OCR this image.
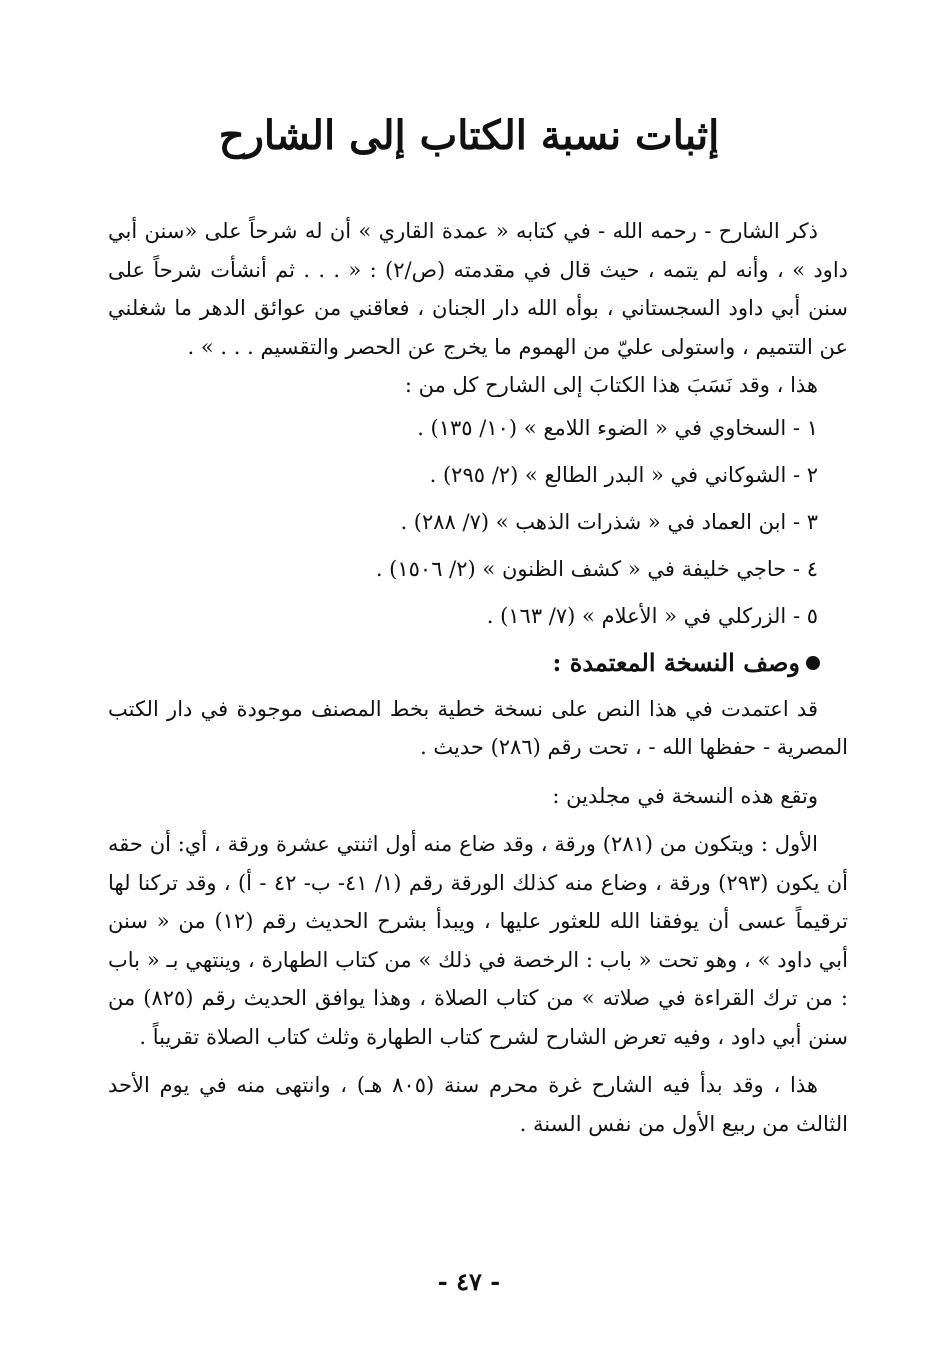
إثبات نسبة الكتاب إلى الشارح

ذكر الشارح - رحمه الله - في كتابه « عمدة القاري » أن له شرحاً على «سنن أبي داود » ، وأنه لم يتمه ، حيث قال في مقدمته (ص/٢) : « . . . ثم أنشأت شرحاً على سنن أبي داود السجستاني ، بوأه الله دار الجنان ، فعاقني من عوائق الدهر ما شغلني عن التتميم ، واستولى عليّ من الهموم ما يخرج عن الحصر والتقسيم . . . » .

هذا ، وقد نَسَبَ هذا الكتابَ إلى الشارح كل من :

١ - السخاوي في « الضوء اللامع » (١٠/ ١٣٥) .

٢ - الشوكاني في « البدر الطالع » (٢/ ٢٩٥) .

٣ - ابن العماد في « شذرات الذهب » (٧/ ٢٨٨) .

٤ - حاجي خليفة في « كشف الظنون » (٢/ ١٥٠٦) .

٥ - الزركلي في « الأعلام » (٧/ ١٦٣) .

وصف النسخة المعتمدة :

قد اعتمدت في هذا النص على نسخة خطية بخط المصنف موجودة في دار الكتب المصرية - حفظها الله - ، تحت رقم (٢٨٦) حديث .

وتقع هذه النسخة في مجلدين :

الأول : ويتكون من (٢٨١) ورقة ، وقد ضاع منه أول اثنتي عشرة ورقة ، أي: أن حقه أن يكون (٢٩٣) ورقة ، وضاع منه كذلك الورقة رقم (١/ ٤١- ب- ٤٢ - أ) ، وقد تركنا لها ترقيماً عسى أن يوفقنا الله للعثور عليها ، ويبدأ بشرح الحديث رقم (١٢) من « سنن أبي داود » ، وهو تحت « باب : الرخصة في ذلك » من كتاب الطهارة ، وينتهي بـ « باب : من ترك القراءة في صلاته » من كتاب الصلاة ، وهذا يوافق الحديث رقم (٨٢٥) من سنن أبي داود ، وفيه تعرض الشارح لشرح كتاب الطهارة وثلث كتاب الصلاة تقريباً .

هذا ، وقد بدأ فيه الشارح غرة محرم سنة (٨٠٥ هـ) ، وانتهى منه في يوم الأحد الثالث من ربيع الأول من نفس السنة .

- ٤٧ -
